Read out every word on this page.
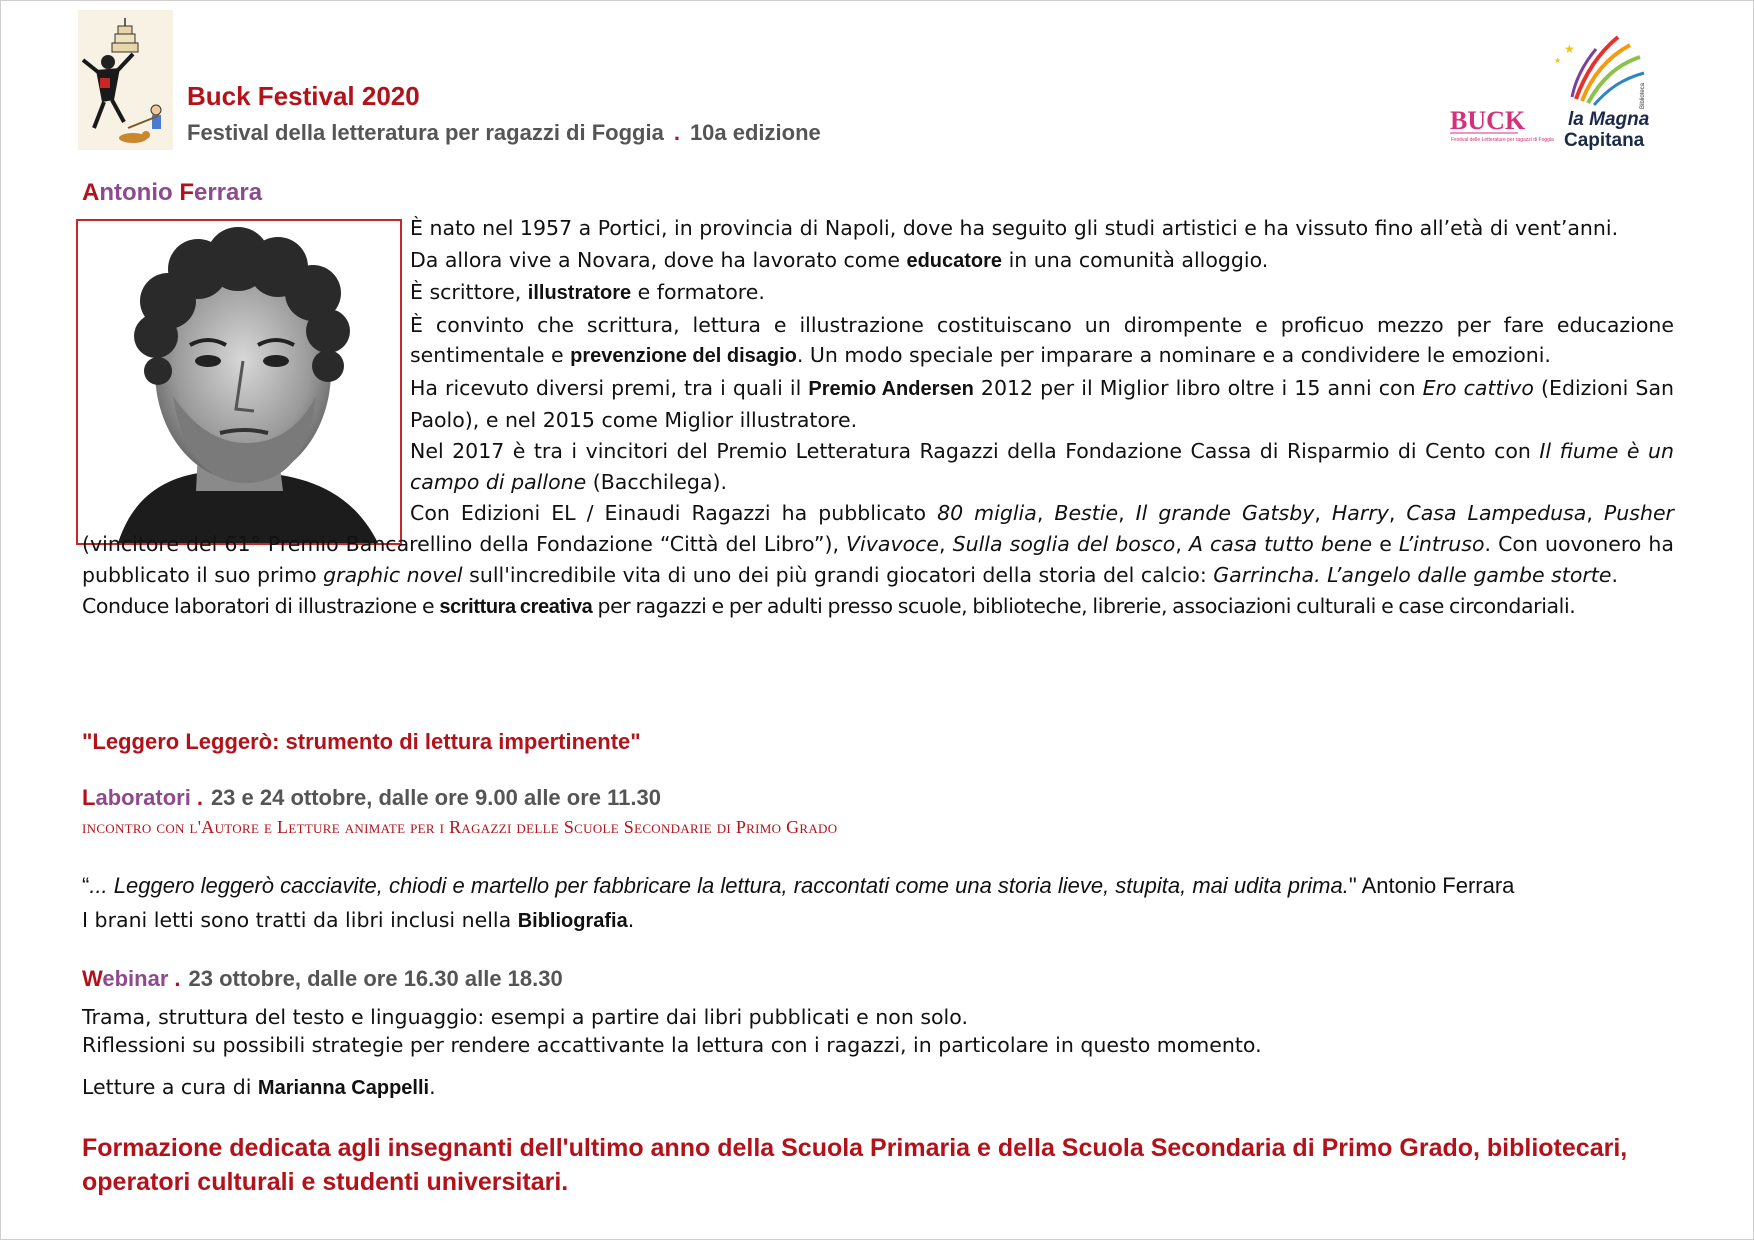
Buck Festival 2020
Festival della letteratura per ragazzi di Foggia . 10a edizione	BUCK
Festival delle Letterature per ragazzi di Foggia
★
★
Biblioteca
la Magna
Capitana
Antonio Ferrara

È nato nel 1957 a Portici, in provincia di Napoli, dove ha seguito gli studi artistici e ha vissuto fino all’età di vent’anni.

Da allora vive a Novara, dove ha lavorato come educatore in una comunità alloggio.

È scrittore, illustratore e formatore.

È convinto che scrittura, lettura e illustrazione costituiscano un dirompente e proficuo mezzo per fare educazione sentimentale e prevenzione del disagio. Un modo speciale per imparare a nominare e a condividere le emozioni.

Ha ricevuto diversi premi, tra i quali il Premio Andersen 2012 per il Miglior libro oltre i 15 anni con Ero cattivo (Edizioni San Paolo), e nel 2015 come Miglior illustratore.

Nel 2017 è tra i vincitori del Premio Letteratura Ragazzi della Fondazione Cassa di Risparmio di Cento con Il fiume è un campo di pallone (Bacchilega).

Con Edizioni EL / Einaudi Ragazzi ha pubblicato 80 miglia, Bestie, Il grande Gatsby, Harry, Casa Lampedusa, Pusher (vincitore del 61° Premio Bancarellino della Fondazione “Città del Libro”), Vivavoce, Sulla soglia del bosco, A casa tutto bene e L’intruso. Con uovonero ha pubblicato il suo primo graphic novel sull'incredibile vita di uno dei più grandi giocatori della storia del calcio: Garrincha. L’angelo dalle gambe storte.

Conduce laboratori di illustrazione e scrittura creativa per ragazzi e per adulti presso scuole, biblioteche, librerie, associazioni culturali e case circondariali.

"Leggero Leggerò: strumento di lettura impertinente"
Laboratori . 23 e 24 ottobre, dalle ore 9.00 alle ore 11.30
incontro con l'Autore e Letture animate per i Ragazzi delle Scuole Secondarie di Primo Grado
“... Leggero leggerò cacciavite, chiodi e martello per fabbricare la lettura, raccontati come una storia lieve, stupita, mai udita prima." Antonio Ferrara
I brani letti sono tratti da libri inclusi nella Bibliografia.
Webinar . 23 ottobre, dalle ore 16.30 alle 18.30
Trama, struttura del testo e linguaggio: esempi a partire dai libri pubblicati e non solo.
Riflessioni su possibili strategie per rendere accattivante la lettura con i ragazzi, in particolare in questo momento.
Letture a cura di Marianna Cappelli.
Formazione dedicata agli insegnanti dell'ultimo anno della Scuola Primaria e della Scuola Secondaria di Primo Grado, bibliotecari, operatori culturali e studenti universitari.
